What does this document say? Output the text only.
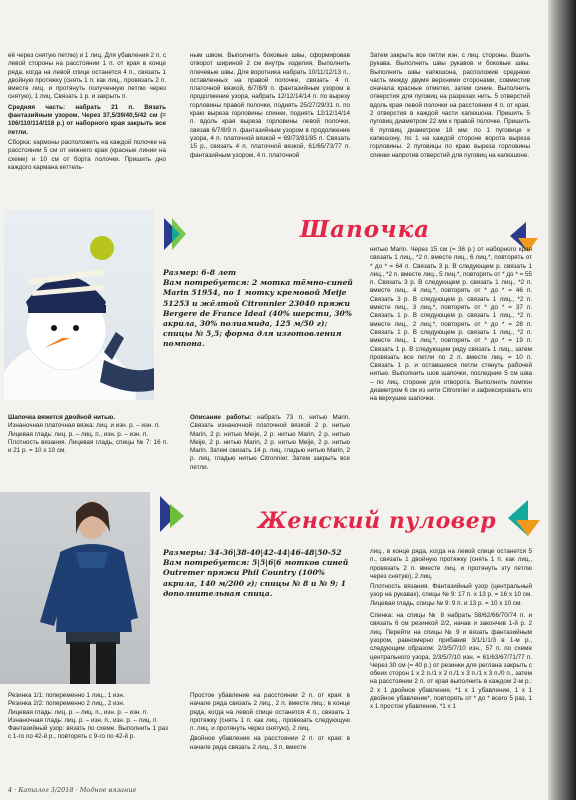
её через снятую петлю) и 1 лиц. Для убавления 2 п. с левой стороны на расстоянии 1 п. от края в конце ряда, когда на левой спице останется 4 п., связать 1 двойную протяжку (снять 1 п. как лиц., провязать 2 п. вместе лиц. и протянуть полученную петлю через снятую), 1 лиц. Связать 1 р. и закрыть п.

Средняя часть: набрать 21 п. Вязать фантазийным узором. Через 37,5/39/40,5/42 см (= 106/110/114/118 р.) от наборного края закрыть все петли.

Сборка: кармоны расположить на каждой полочке на расстоянии 5 см от нижнего края (красные линии на схеме) и 10 см от борта полочки. Пришить дно каждого кармана кеттель-

ным швом. Выполнить боковые швы, сформировав отворот шириной 2 см внутрь изделия. Выполнить плечевые швы. Для воротника набрать 10/11/12/13 п., оставленных на правой полочке, связать 4 п. платочной вязкой, 6/7/8/9 п. фантазийным узором в продолжение узора, набрать 12/12/14/14 п. по вырезу горловины правой полочки, поднять 25/27/29/31 п. по краю выреза горловины спинки, поднять 12/12/14/14 п. вдоль края выреза горловины левой полочки, связав 6/7/8/9 п. фантазийным узором в продолжение узора, 4 п. платочной вязкой = 69/73/81/85 п. Связать 15 р., связать 4 п. платочной вязкой, 61/65/73/77 п. фантазийным узором, 4 п. платочной

Затем закрыть все петли изн. с лиц. стороны. Вшить рукава. Выполнить швы рукавов и боковые швы. Выполнить швы капюшона, расположив среднюю часть между двумя верхними сторонами, совместив сначала красные отметки, затем синие. Выполнить отверстия для пуговиц на разрезах нить. 5 отверстий вдоль края левой полочки на расстоянии 4 п. от края, 2 отверстия в каждой части капюшона. Пришить 5 пуговиц диаметром 22 мм к правой полочке. Пришить 6 пуговиц диаметром 18 мм: по 1 пуговице к капюшону, по 1 на каждой стороне ворота выреза горловины. 2 пуговицы по краю выреза горловины спинки напротив отверстий для пуговиц на капюшоне.

Шапочка
Размер: 6-8 лет
Вам потребуется: 2 мотка тёмно-синей Marin 51954, по 1 мотку кремовой Meije 51253 и жёлтой Citronnier 23040 пряжи Bergere de France Ideal (40% шерсти, 30% акрила, 30% полиамида, 125 м/50 г); спицы № 5,5; форма для изготовления помпона.

нитью Marin. Через 15 см (= 36 р.) от наборного края связать 1 лиц., *2 п. вместе лиц., 6 лиц.*, повторять от * до * = 64 п. Связать 3 р. В следующем р. связать 1 лиц., *2 п. вместе лиц., 5 лиц.*, повторять от * до * = 55 п. Связать 3 р. В следующем р. связать 1 лиц., *2 п. вместе лиц., 4 лиц.*, повторять от * до * = 46 п. Связать 3 р. В следующем р. связать 1 лиц., *2 п. вместе лиц., 3 лиц.*, повторять от * до * = 37 п. Связать 1 р. В следующем р. связать 1 лиц., *2 п. вместе лиц., 2 лиц.*, повторять от * до * = 28 п. Связать 1 р. В следующем р. связать 1 лиц., *2 п. вместе лиц., 1 лиц.*, повторять от * до * = 19 п. Связать 1 р. В следующем ряду связать 1 лиц., затем провязать все петли по 2 п. вместе лиц. = 10 п. Связать 1 р. и оставшиеся петли стянуть рабочей нитью. Выполнить шов шапочки, последние 5 см шва – по лиц. стороне для отворота. Выполнить помпон диаметром 6 см из нити Citronnier и зафиксировать его на верхушке шапочки.

Шапочка вяжется двойной нитью.

Изнаночная платочная вязка: лиц. и изн. р. – изн. п.

Лицевая гладь: лиц. р. – лиц. п., изн. р. – изн. п.

Плотность вязания. Лицевая гладь, спицы № 7: 16 п. и 21 р. = 10 х 10 см.

Описание работы: набрать 73 п. нитью Marin. Связать изнаночной платочной вязкой 2 р. нитью Marin, 2 р. нитью Meije, 2 р. нитью Marin, 2 р. нитью Meije, 2 р. нитью Marin, 2 р. нитью Meije, 2 р. нитью Marin. Затем связать 14 р. лиц. гладью нитью Marin, 2 р. лиц. гладью нитью Citronnier. Затем закрыть все петли.

Женский пуловер
Размеры: 34-36|38-40|42-44|46-48|50-52
Вам потребуется: 5|5|6|6 мотков синей Outremer пряжи Phil Country (100% акрила, 140 м/200 г); спицы № 8 и № 9; 1 дополнительная спица.

лиц., в конце ряда, когда на левой спице останется 5 п., связать 1 двойную протяжку (снять 1 п. как лиц., провязать 2 п. вместе лиц. и протянуть эту петлю через снятую), 2 лиц.

Плотность вязания. Фантазийный узор (центральный узор на рукавах), спицы № 9: 17 п. х 13 р. = 16 х 10 см. Лицевая гладь, спицы № 9: 9 п. и 13 р. = 10 х 10 см.

Спинка: на спицы № 8 набрать 58/62/66/70/74 п. и связать 6 см резинкой 2/2, начав и закончив 1-й р. 2 лиц. Перейти на спицы № 9 и вязать фантазийным узором, равномерно прибавив 3/1/1/1/3 в 1-м р., следующим образом: 2/3/5/7/10 изн., 57 п. по схеме центрального узора, 2/3/5/7/10 изн. = 61/63/67/71/77 п. Через 30 см (= 40 р.) от резинки для реглана закрыть с обеих сторон 1 х 2 п./1 х 2 п./1 х 3 п./1 х 3 п./0 п., затем на расстоянии 2 п. от края выполнить в каждом 2-м р.: 2 х 1 двойное убавление, *1 х 1 убавление, 1 х 1 двойное убавление*, повторять от * до * всего 5 раз, 1 х 1 простое убавление, *1 х 1

Резинка 1/1: попеременно 1 лиц., 1 изн.

Резинка 2/2: попеременно 2 лиц., 2 изн.

Лицевая гладь: лиц. р. – лиц. п., изн. р. – изн. п.

Изнаночная гладь: лиц. р. – изн. п., изн. р. – лиц. п.

Фантазийный узор: вязать по схеме. Выполнить 1 раз с 1-го по 42-й р., повторять с 9-го по 42-й р.

Простое убавление на расстоянии 2 п. от края: в начале ряда связать 2 лиц., 2 п. вместе лиц.; в конце ряда, когда на левой спице останется 4 п., связать 1 протяжку (снять 1 п. как лиц., провязать следующую п. лиц. и протянуть через снятую), 2 лиц.

Двойное убавление на расстоянии 2 п. от края: в начале ряда связать 2 лиц., 3 п. вместе

4 · Каталог 3/2018 · Модное вязание
